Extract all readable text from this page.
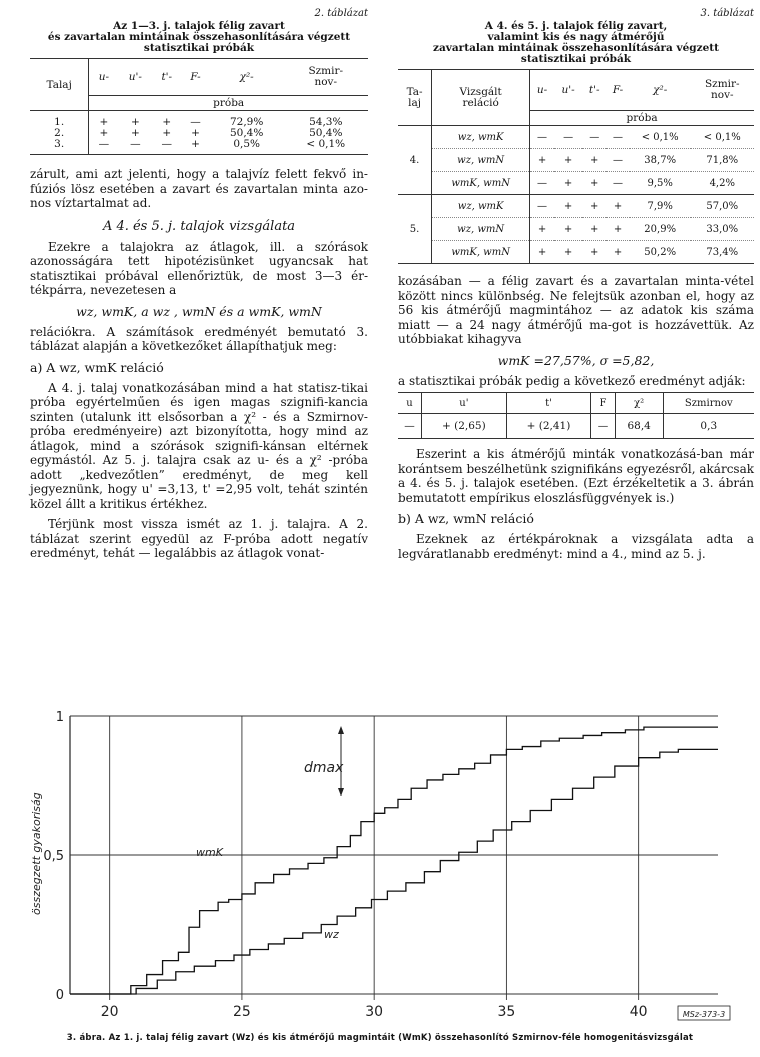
2. táblázat
Az 1—3. j. talajok félig zavart
és zavartalan mintáinak összehasonlítására végzett
statisztikai próbák
Talaj	u-	u'-	t'-	F-	χ²-	Szmir-
nov-
	próba					
1.	+	+	+	—	72,9%	54,3%
2.	+	+	+	+	50,4%	50,4%
3.	—	—	—	+	0,5%	< 0,1%

zárult, ami azt jelenti, hogy a talajvíz felett fekvő in-fúziós lösz esetében a zavart és zavartalan minta azo-nos víztartalmat ad.

A 4. és 5. j. talajok vizsgálata

Ezekre a talajokra az átlagok, ill. a szórások azonosságára tett hipotézisünket ugyancsak hat statisztikai próbával ellenőriztük, de most 3—3 ér-tékpárra, nevezetesen a

wz, wmK, a wz , wmN és a wmK, wmN

relációkra. A számítások eredményét bemutató 3. táblázat alapján a következőket állapíthatjuk meg:

a) A wz, wmK reláció

A 4. j. talaj vonatkozásában mind a hat statisz-tikai próba egyértelműen és igen magas szignifi-kancia szinten (utalunk itt elsősorban a χ² - és a Szmirnov-próba eredményeire) azt bizonyította, hogy mind az átlagok, mind a szórások szignifi-kánsan eltérnek egymástól. Az 5. j. talajra csak az u- és a χ² -próba adott „kedvezőtlen” eredményt, de meg kell jegyeznünk, hogy u' =3,13, t' =2,95 volt, tehát szintén közel állt a kritikus értékhez.

Térjünk most vissza ismét az 1. j. talajra. A 2. táblázat szerint egyedül az F-próba adott negatív eredményt, tehát — legalábbis az átlagok vonat-

3. táblázat
A 4. és 5. j. talajok félig zavart,
valamint kis és nagy átmérőjű
zavartalan mintáinak összehasonlítására végzett
statisztikai próbák
Ta-
laj	Vizsgált
reláció	u-	u'-	t'-	F-	χ²-	Szmir-
nov-
		próba					
4.	wz, wmK	—	—	—	—	< 0,1%	< 0,1%
	wz, wmN	+	+	+	—	38,7%	71,8%
	wmK, wmN	—	+	+	—	9,5%	4,2%
5.	wz, wmK	—	+	+	+	7,9%	57,0%
	wz, wmN	+	+	+	+	20,9%	33,0%
	wmK, wmN	+	+	+	+	50,2%	73,4%

kozásában — a félig zavart és a zavartalan minta-vétel között nincs különbség. Ne felejtsük azonban el, hogy az 56 kis átmérőjű magmintához — az adatok kis száma miatt — a 24 nagy átmérőjű ma-got is hozzávettük. Az utóbbiakat kihagyva

wmK =27,57%, σ =5,82,

a statisztikai próbák pedig a következő eredményt adják:

u	u'	t'	F	χ²	Szmirnov
—	+ (2,65)	+ (2,41)	—	68,4	0,3

Eszerint a kis átmérőjű minták vonatkozásá-ban már korántsem beszélhetünk szignifikáns egyezésről, akárcsak a 4. és 5. j. talajok esetében. (Ezt érzékeltetik a 3. ábrán bemutatott empírikus eloszlásfüggvények is.)

b) A wz, wmN reláció

Ezeknek az értékpároknak a vizsgálata adta a legváratlanabb eredményt: mind a 4., mind az 5. j.

20	25	30	35	40
0
0,5
1
összegzett gyakoriság
dmax
wmK
wz
MSz-373-3
3. ábra. Az 1. j. talaj félig zavart (Wz) és kis átmérőjű magmintáit (WmK) összehasonlító Szmirnov-féle homogenitásvizsgálat
